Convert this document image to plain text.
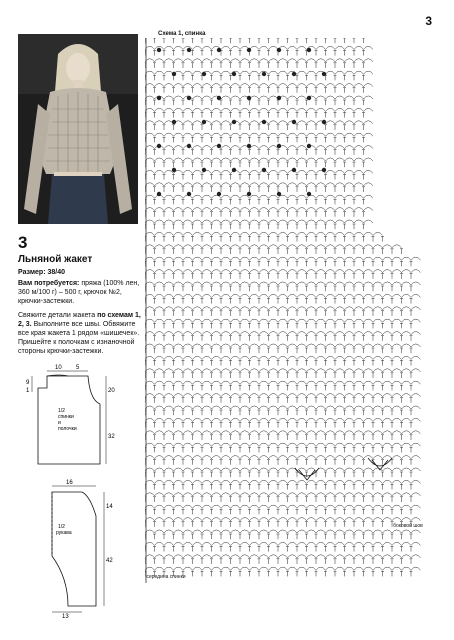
3
3
Льняной жакет
Размер: 38/40
Вам потребуется: пряжа (100% лен, 360 м/100 г) – 500 г, крючок №2, крючки-застежки.
Свяжите детали жакета по схемам 1, 2, 3. Выполните все швы. Обвяжите все края жакета 1 рядом «шишечек». Пришейте к полочкам с изнаночной стороны крючки-застежки.
10 5
9
1	20
32
1/2
спинки
и
полочки
16
14
42
13
1/2
рукава
Схема 1, спинка
боковой шов
середина спинки
